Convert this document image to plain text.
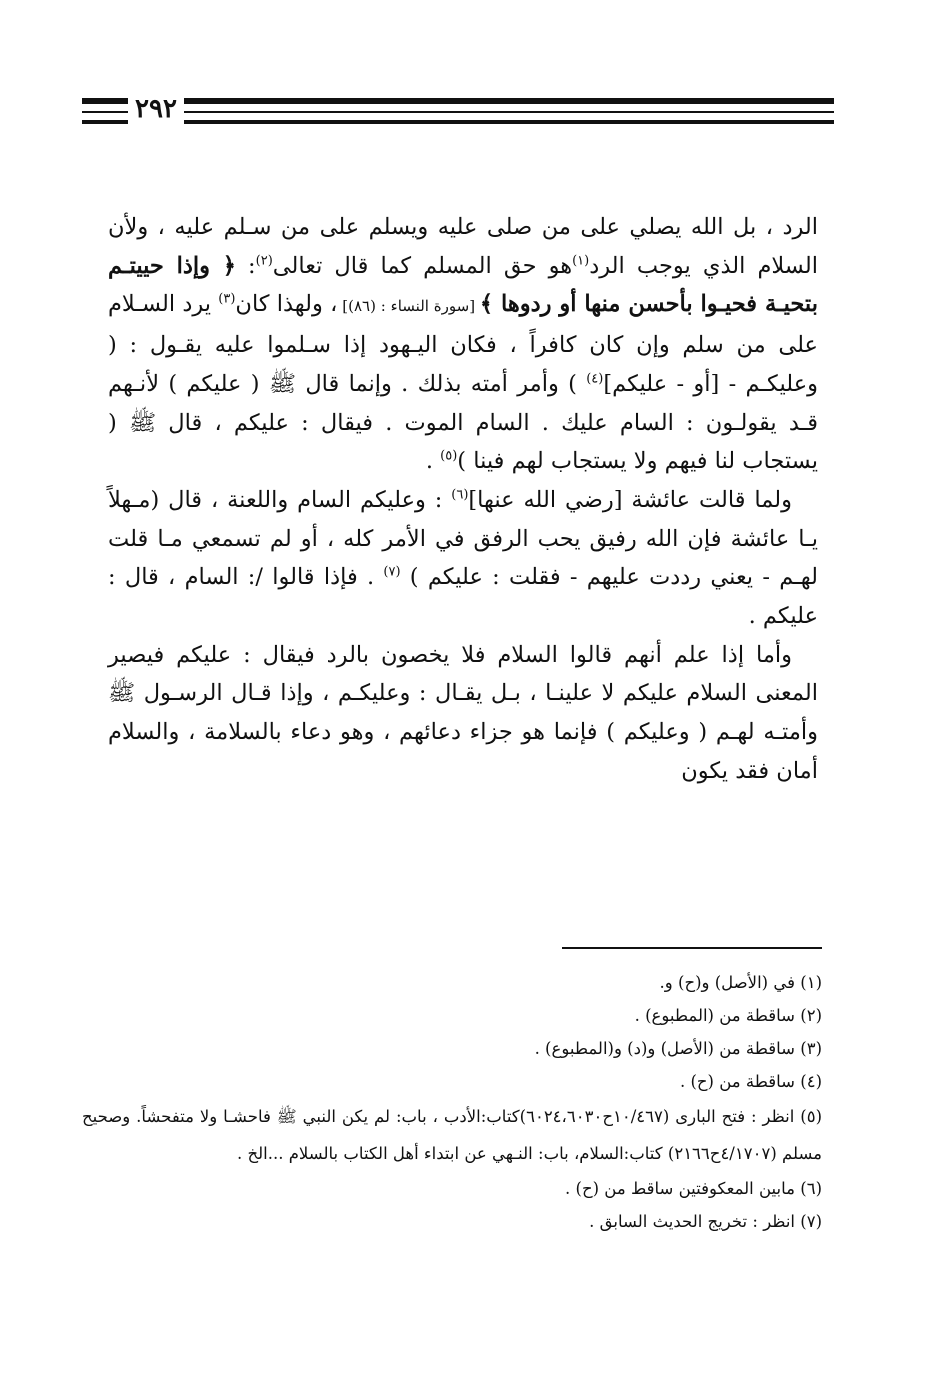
٢٩٢

الرد ، بل الله يصلي على من صلى عليه ويسلم على من سـلم عليه ، ولأن السلام الذي يوجب الرد$^{(١)}$هو حق المسلم كما قال تعالى$^{(٢)}$: ﴿ وإذا حييتـم بتحيـة فحيـوا بأحسن منها أو ردوها ﴾ [سورة النساء : (٨٦)] ، ولهذا كان$^{(٣)}$ يرد السـلام على من سلم وإن كان كافراً ، فكان اليـهود إذا سـلموا عليه يقـول : ( وعليكـم - [أو - عليكم]$^{(٤)}$ ) وأمر أمته بذلك . وإنما قال ﷺ ( عليكم ) لأنـهم قـد يقولـون : السام عليك . السام الموت . فيقال : عليكم ، قال ﷺ ( يستجاب لنا فيهم ولا يستجاب لهم فينا )$^{(٥)}$ .

ولما قالت عائشة [رضي الله عنها]$^{(٦)}$ : وعليكم السام واللعنة ، قال (مـهلاً يـا عائشة فإن الله رفيق يحب الرفق في الأمر كله ، أو لم تسمعي مـا قلت لهـم - يعني رددت عليهم - فقلت : عليكم ) $^{(٧)}$ . فإذا قالوا /: السام ، قال : عليكم .

وأما إذا علم أنهم قالوا السلام فلا يخصون بالرد فيقال : عليكم فيصير المعنى السلام عليكم لا علينـا ، بـل يقـال : وعليكـم ، وإذا قـال الرسـول ﷺ وأمتـه لهـم ( وعليكم ) فإنما هو جزاء دعائهم ، وهو دعاء بالسلامة ، والسلام أمان فقد يكون

(١) في (الأصل) و(ح) و.

(٢) ساقطة من (المطبوع) .

(٣) ساقطة من (الأصل) و(د) و(المطبوع) .

(٤) ساقطة من (ح) .

(٥) انظر : فتح البارى (١٠/٤٦٧ح٦٠٢٤،٦٠٣٠)كتاب:الأدب ، باب: لم يكن النبي ﷺ فاحشـا ولا متفحشاً. وصحيح مسلم (٤/١٧٠٧ح٢١٦٦) كتاب:السلام، باب: النـهي عن ابتداء أهل الكتاب بالسلام ...الخ .

(٦) مابين المعكوفتين ساقط من (ح) .

(٧) انظر : تخريج الحديث السابق .
